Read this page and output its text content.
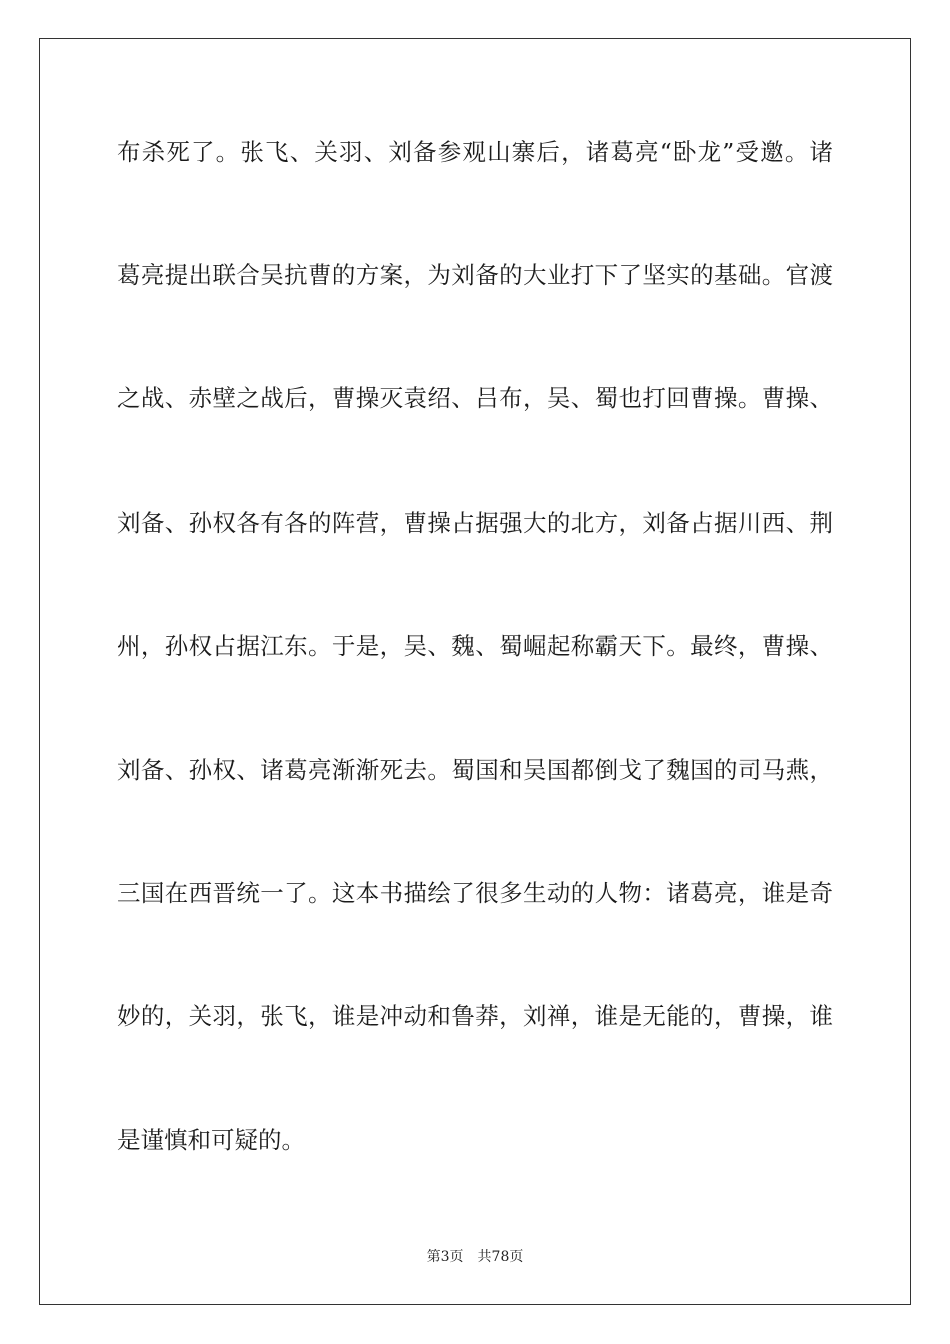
布杀死了。张飞、关羽、刘备参观山寨后，诸葛亮“卧龙”受邀。诸
葛亮提出联合吴抗曹的方案，为刘备的大业打下了坚实的基础。官渡
之战、赤壁之战后，曹操灭袁绍、吕布，吴、蜀也打回曹操。曹操、
刘备、孙权各有各的阵营，曹操占据强大的北方，刘备占据川西、荆
州，孙权占据江东。于是，吴、魏、蜀崛起称霸天下。最终，曹操、
刘备、孙权、诸葛亮渐渐死去。蜀国和吴国都倒戈了魏国的司马燕，
三国在西晋统一了。这本书描绘了很多生动的人物：诸葛亮，谁是奇
妙的，关羽，张飞，谁是冲动和鲁莽，刘禅，谁是无能的，曹操，谁
是谨慎和可疑的。
第3页 共78页
